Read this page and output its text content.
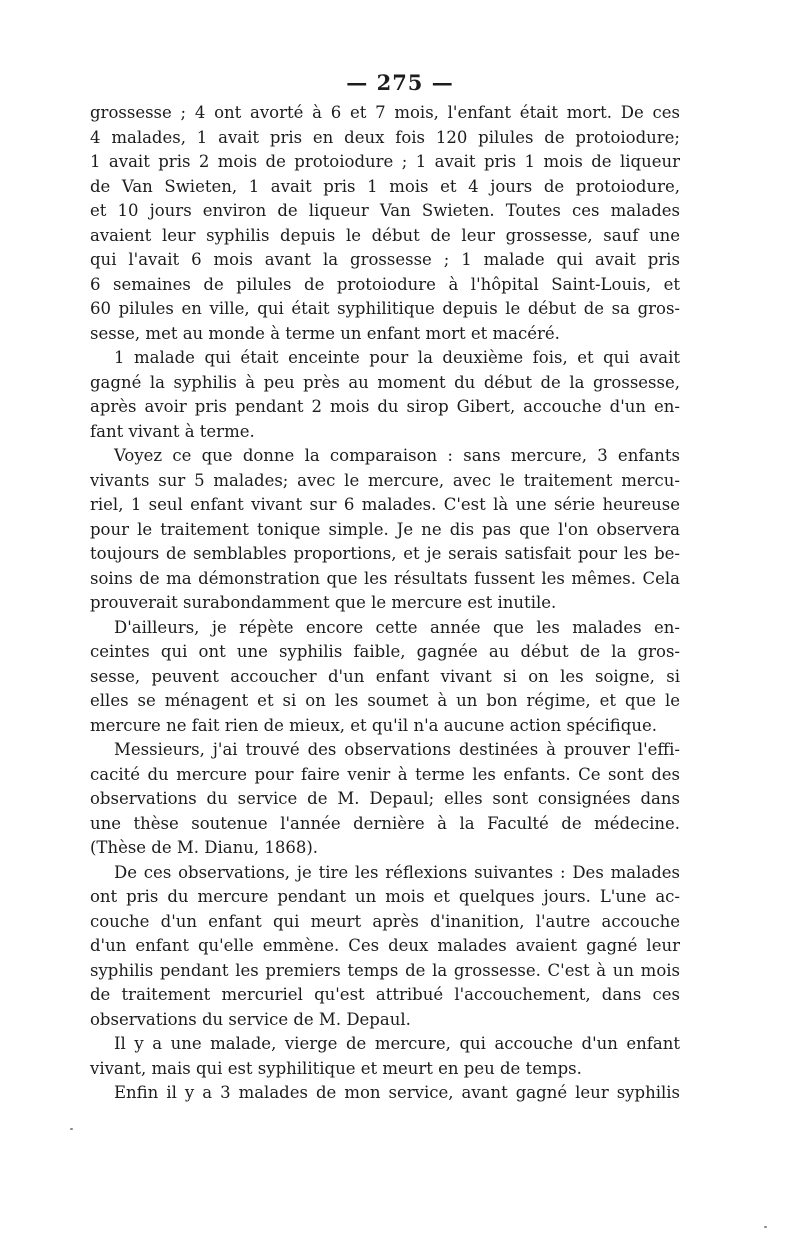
— 275 —
grossesse ; 4 ont avorté à 6 et 7 mois, l'enfant était mort. De ces
4 malades, 1 avait pris en deux fois 120 pilules de protoiodure;
1 avait pris 2 mois de protoiodure ; 1 avait pris 1 mois de liqueur
de Van Swieten, 1 avait pris 1 mois et 4 jours de protoiodure,
et 10 jours environ de liqueur Van Swieten. Toutes ces malades
avaient leur syphilis depuis le début de leur grossesse, sauf une
qui l'avait 6 mois avant la grossesse ; 1 malade qui avait pris
6 semaines de pilules de protoiodure à l'hôpital Saint-Louis, et
60 pilules en ville, qui était syphilitique depuis le début de sa gros-
sesse, met au monde à terme un enfant mort et macéré.
1 malade qui était enceinte pour la deuxième fois, et qui avait
gagné la syphilis à peu près au moment du début de la grossesse,
après avoir pris pendant 2 mois du sirop Gibert, accouche d'un en-
fant vivant à terme.
Voyez ce que donne la comparaison : sans mercure, 3 enfants
vivants sur 5 malades; avec le mercure, avec le traitement mercu-
riel, 1 seul enfant vivant sur 6 malades. C'est là une série heureuse
pour le traitement tonique simple. Je ne dis pas que l'on observera
toujours de semblables proportions, et je serais satisfait pour les be-
soins de ma démonstration que les résultats fussent les mêmes. Cela
prouverait surabondamment que le mercure est inutile.
D'ailleurs, je répète encore cette année que les malades en-
ceintes qui ont une syphilis faible, gagnée au début de la gros-
sesse, peuvent accoucher d'un enfant vivant si on les soigne, si
elles se ménagent et si on les soumet à un bon régime, et que le
mercure ne fait rien de mieux, et qu'il n'a aucune action spécifique.
Messieurs, j'ai trouvé des observations destinées à prouver l'effi-
cacité du mercure pour faire venir à terme les enfants. Ce sont des
observations du service de M. Depaul; elles sont consignées dans
une thèse soutenue l'année dernière à la Faculté de médecine.
(Thèse de M. Dianu, 1868).
De ces observations, je tire les réflexions suivantes : Des malades
ont pris du mercure pendant un mois et quelques jours. L'une ac-
couche d'un enfant qui meurt après d'inanition, l'autre accouche
d'un enfant qu'elle emmène. Ces deux malades avaient gagné leur
syphilis pendant les premiers temps de la grossesse. C'est à un mois
de traitement mercuriel qu'est attribué l'accouchement, dans ces
observations du service de M. Depaul.
Il y a une malade, vierge de mercure, qui accouche d'un enfant
vivant, mais qui est syphilitique et meurt en peu de temps.
Enfin il y a 3 malades de mon service, avant gagné leur syphilis
